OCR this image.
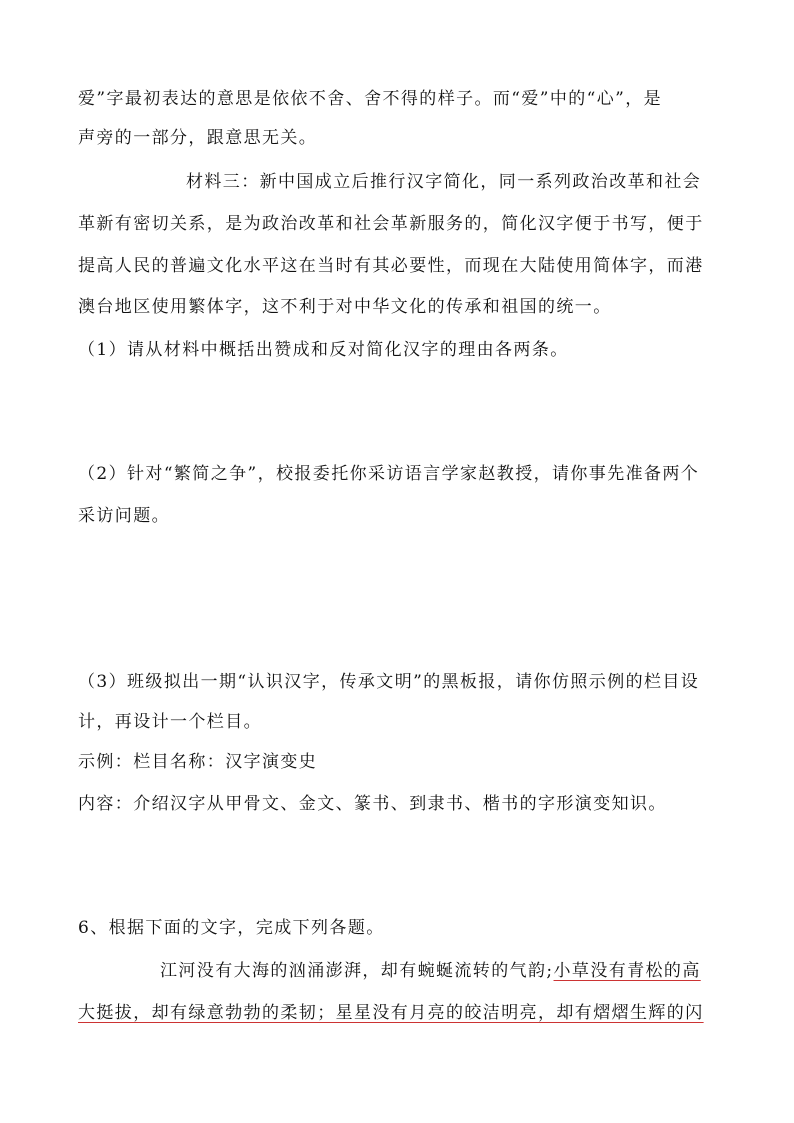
爱”字最初表达的意思是依依不舍、舍不得的样子。而“爱”中的“心”，是
声旁的一部分，跟意思无关。
材料三：新中国成立后推行汉字简化，同一系列政治改革和社会
革新有密切关系，是为政治改革和社会革新服务的，简化汉字便于书写，便于
提高人民的普遍文化水平这在当时有其必要性，而现在大陆使用简体字，而港
澳台地区使用繁体字，这不利于对中华文化的传承和祖国的统一。
（1）请从材料中概括出赞成和反对简化汉字的理由各两条。
（2）针对“繁简之争”，校报委托你采访语言学家赵教授，请你事先准备两个
采访问题。
（3）班级拟出一期“认识汉字，传承文明”的黑板报，请你仿照示例的栏目设
计，再设计一个栏目。
示例：栏目名称：汉字演变史
内容：介绍汉字从甲骨文、金文、篆书、到隶书、楷书的字形演变知识。
6、根据下面的文字，完成下列各题。
江河没有大海的汹涌澎湃，却有蜿蜒流转的气韵;小草没有青松的高
大挺拔，却有绿意勃勃的柔韧；星星没有月亮的皎洁明亮，却有熠熠生辉的闪
